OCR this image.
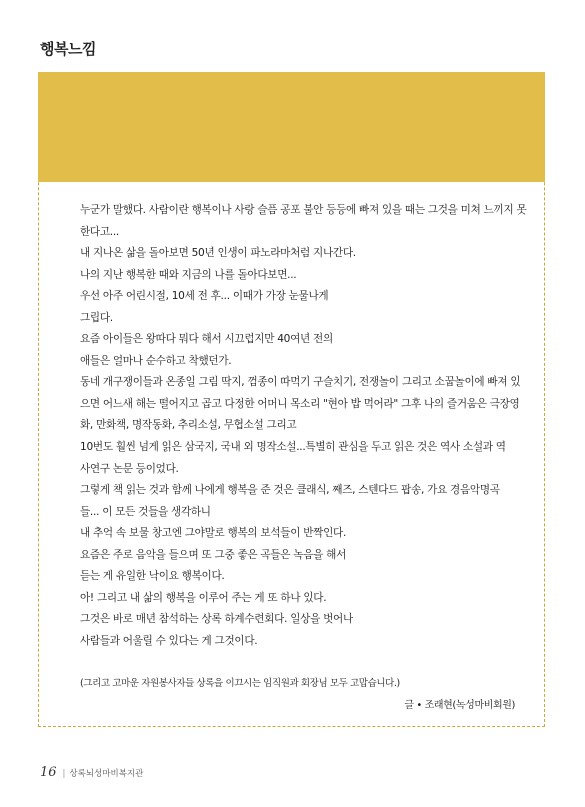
행복느낌
누군가 말했다. 사람이란 행복이나 사랑 슬픔 공포 불안 등등에 빠져 있을 때는 그것을 미쳐 느끼지 못
한다고...
내 지나온 삶을 돌아보면 50년 인생이 파노라마처럼 지나간다.
나의 지난 행복한 때와 지금의 나를 돌아다보면...
우선 아주 어린시절, 10세 전 후... 이때가 가장 눈물나게
그립다.
요즘 아이들은 왕따다 뭐다 해서 시끄럽지만 40여년 전의
애들은 얼마나 순수하고 착했던가.
동네 개구쟁이들과 온종일 그림 딱지, 껌종이 따먹기 구슬치기, 전쟁놀이 그리고 소꿉놀이에 빠져 있
으면 어느새 해는 떨어지고 곱고 다정한 어머니 목소리 "현아 밥 먹어라" 그후 나의 즐거움은 극장영
화, 만화책, 명작동화, 추리소설, 무협소설 그리고
10번도 훨씬 넘게 읽은 삼국지, 국내 외 명작소설...특별히 관심을 두고 읽은 것은 역사 소설과 역
사연구 논문 등이었다.
그렇게 책 읽는 것과 함께 나에게 행복을 준 것은 클래식, 째즈, 스텐다드 팝송, 가요 경음악명곡
들... 이 모든 것들을 생각하니
내 추억 속 보물 창고엔 그야말로 행복의 보석들이 반짝인다.
요즘은 주로 음악을 들으며 또 그중 좋은 곡들은 녹음을 해서
듣는 게 유일한 낙이요 행복이다.
아! 그리고 내 삶의 행복을 이루어 주는 게 또 하나 있다.
그것은 바로 매년 참석하는 상록 하계수련회다. 일상을 벗어나
사람들과 어울릴 수 있다는 게 그것이다.
(그리고 고마운 자원봉사자들 상록을 이끄시는 임직원과 회장님 모두 고맙습니다.)
글 • 조래현(녹성마비회원)
16 | 상록뇌성마비복지관
